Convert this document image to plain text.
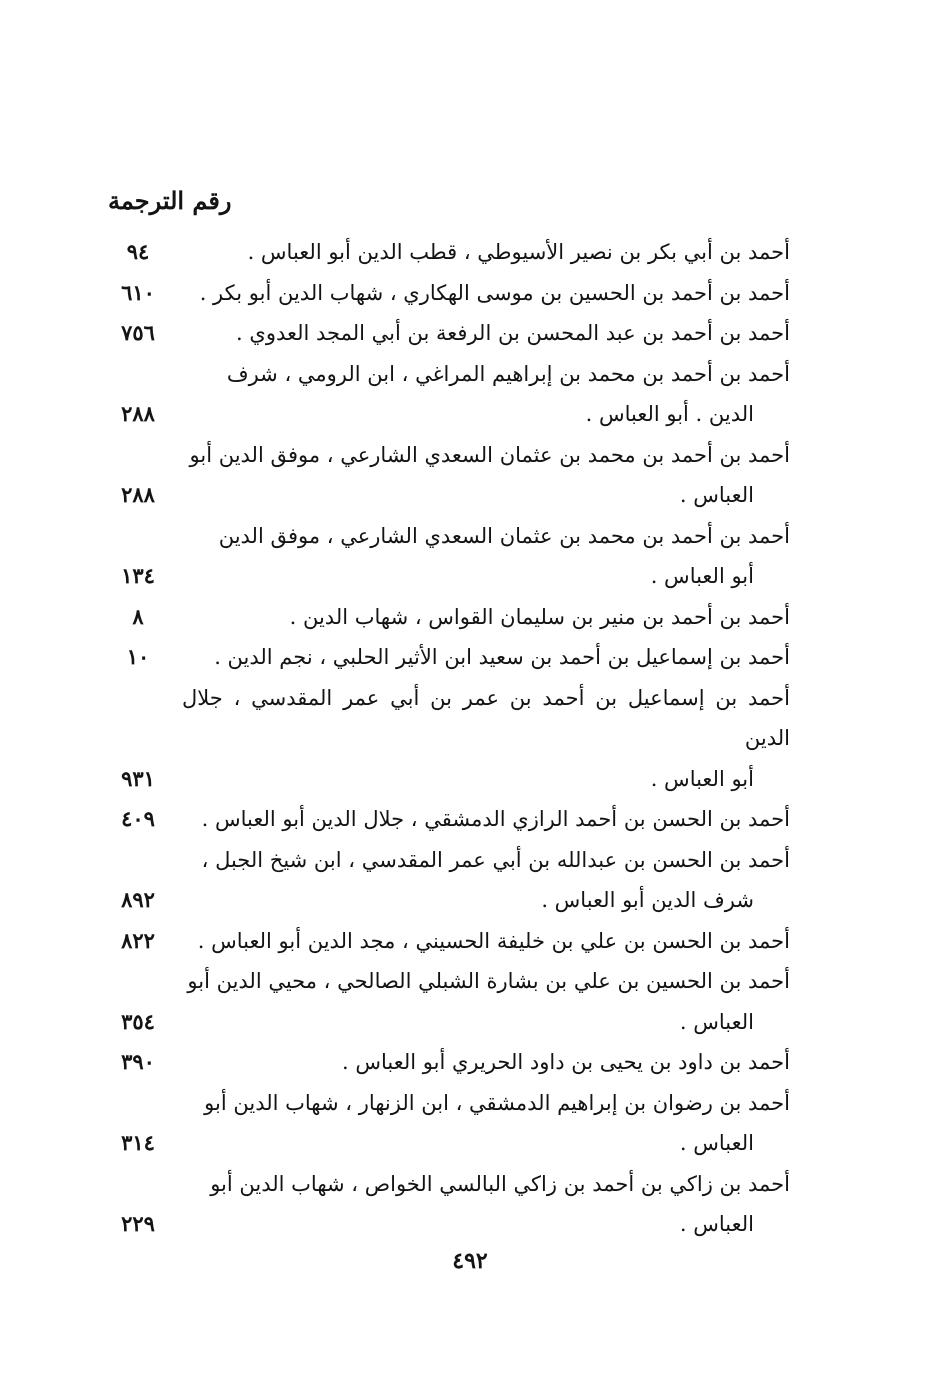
رقم الترجمة
أحمد بن أبي بكر بن نصير الأسيوطي ، قطب الدين أبو العباس .
٩٤
أحمد بن أحمد بن الحسين بن موسى الهكاري ، شهاب الدين أبو بكر .
٦١٠
أحمد بن أحمد بن عبد المحسن بن الرفعة بن أبي المجد العدوي .
٧٥٦
أحمد بن أحمد بن محمد بن إبراهيم المراغي ، ابن الرومي ، شرف
الدين . أبو العباس .
٢٨٨
أحمد بن أحمد بن محمد بن عثمان السعدي الشارعي ، موفق الدين أبو
العباس .
٢٨٨
أحمد بن أحمد بن محمد بن عثمان السعدي الشارعي ، موفق الدين
أبو العباس .
١٣٤
أحمد بن أحمد بن منير بن سليمان القواس ، شهاب الدين .
٨
أحمد بن إسماعيل بن أحمد بن سعيد ابن الأثير الحلبي ، نجم الدين .
١٠
أحمد بن إسماعيل بن أحمد بن عمر بن أبي عمر المقدسي ، جلال الدين
أبو العباس .
٩٣١
أحمد بن الحسن بن أحمد الرازي الدمشقي ، جلال الدين أبو العباس .
٤٠٩
أحمد بن الحسن بن عبدالله بن أبي عمر المقدسي ، ابن شيخ الجبل ،
شرف الدين أبو العباس .
٨٩٢
أحمد بن الحسن بن علي بن خليفة الحسيني ، مجد الدين أبو العباس .
٨٢٢
أحمد بن الحسين بن علي بن بشارة الشبلي الصالحي ، محيي الدين أبو
العباس .
٣٥٤
أحمد بن داود بن يحيى بن داود الحريري أبو العباس .
٣٩٠
أحمد بن رضوان بن إبراهيم الدمشقي ، ابن الزنهار ، شهاب الدين أبو
العباس .
٣١٤
أحمد بن زاكي بن أحمد بن زاكي البالسي الخواص ، شهاب الدين أبو
العباس .
٢٢٩
٤٩٢
